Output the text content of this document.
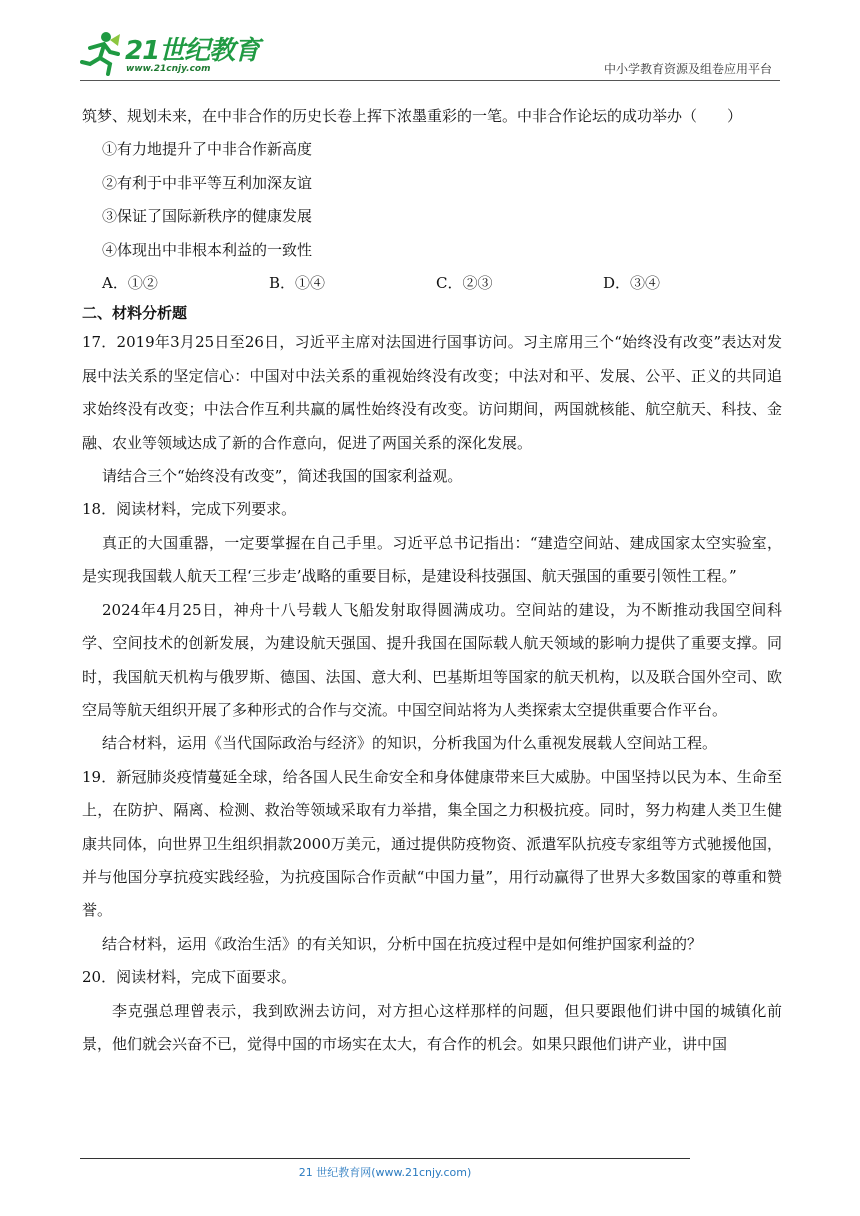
21世纪教育
www.21cnjy.com	中小学教育资源及组卷应用平台

筑梦、规划未来，在中非合作的历史长卷上挥下浓墨重彩的一笔。中非合作论坛的成功举办（　　）

①有力地提升了中非合作新高度

②有利于中非平等互利加深友谊

③保证了国际新秩序的健康发展

④体现出中非根本利益的一致性

A．①②	B．①④	C．②③	D．③④

二、材料分析题

17．2019年3月25日至26日，习近平主席对法国进行国事访问。习主席用三个“始终没有改变”表达对发展中法关系的坚定信心：中国对中法关系的重视始终没有改变；中法对和平、发展、公平、正义的共同追求始终没有改变；中法合作互利共赢的属性始终没有改变。访问期间，两国就核能、航空航天、科技、金融、农业等领域达成了新的合作意向，促进了两国关系的深化发展。

请结合三个“始终没有改变”，简述我国的国家利益观。

18．阅读材料，完成下列要求。

真正的大国重器，一定要掌握在自己手里。习近平总书记指出：“建造空间站、建成国家太空实验室，是实现我国载人航天工程‘三步走’战略的重要目标，是建设科技强国、航天强国的重要引领性工程。”

2024年4月25日，神舟十八号载人飞船发射取得圆满成功。空间站的建设，为不断推动我国空间科学、空间技术的创新发展，为建设航天强国、提升我国在国际载人航天领域的影响力提供了重要支撑。同时，我国航天机构与俄罗斯、德国、法国、意大利、巴基斯坦等国家的航天机构，以及联合国外空司、欧空局等航天组织开展了多种形式的合作与交流。中国空间站将为人类探索太空提供重要合作平台。

结合材料，运用《当代国际政治与经济》的知识，分析我国为什么重视发展载人空间站工程。

19．新冠肺炎疫情蔓延全球，给各国人民生命安全和身体健康带来巨大威胁。中国坚持以民为本、生命至上，在防护、隔离、检测、救治等领域采取有力举措，集全国之力积极抗疫。同时，努力构建人类卫生健康共同体，向世界卫生组织捐款2000万美元，通过提供防疫物资、派遣军队抗疫专家组等方式驰援他国，并与他国分享抗疫实践经验，为抗疫国际合作贡献“中国力量”，用行动赢得了世界大多数国家的尊重和赞誉。

结合材料，运用《政治生活》的有关知识，分析中国在抗疫过程中是如何维护国家利益的？

20．阅读材料，完成下面要求。

李克强总理曾表示，我到欧洲去访问，对方担心这样那样的问题，但只要跟他们讲中国的城镇化前景，他们就会兴奋不已，觉得中国的市场实在太大，有合作的机会。如果只跟他们讲产业，讲中国

21 世纪教育网(www.21cnjy.com)
